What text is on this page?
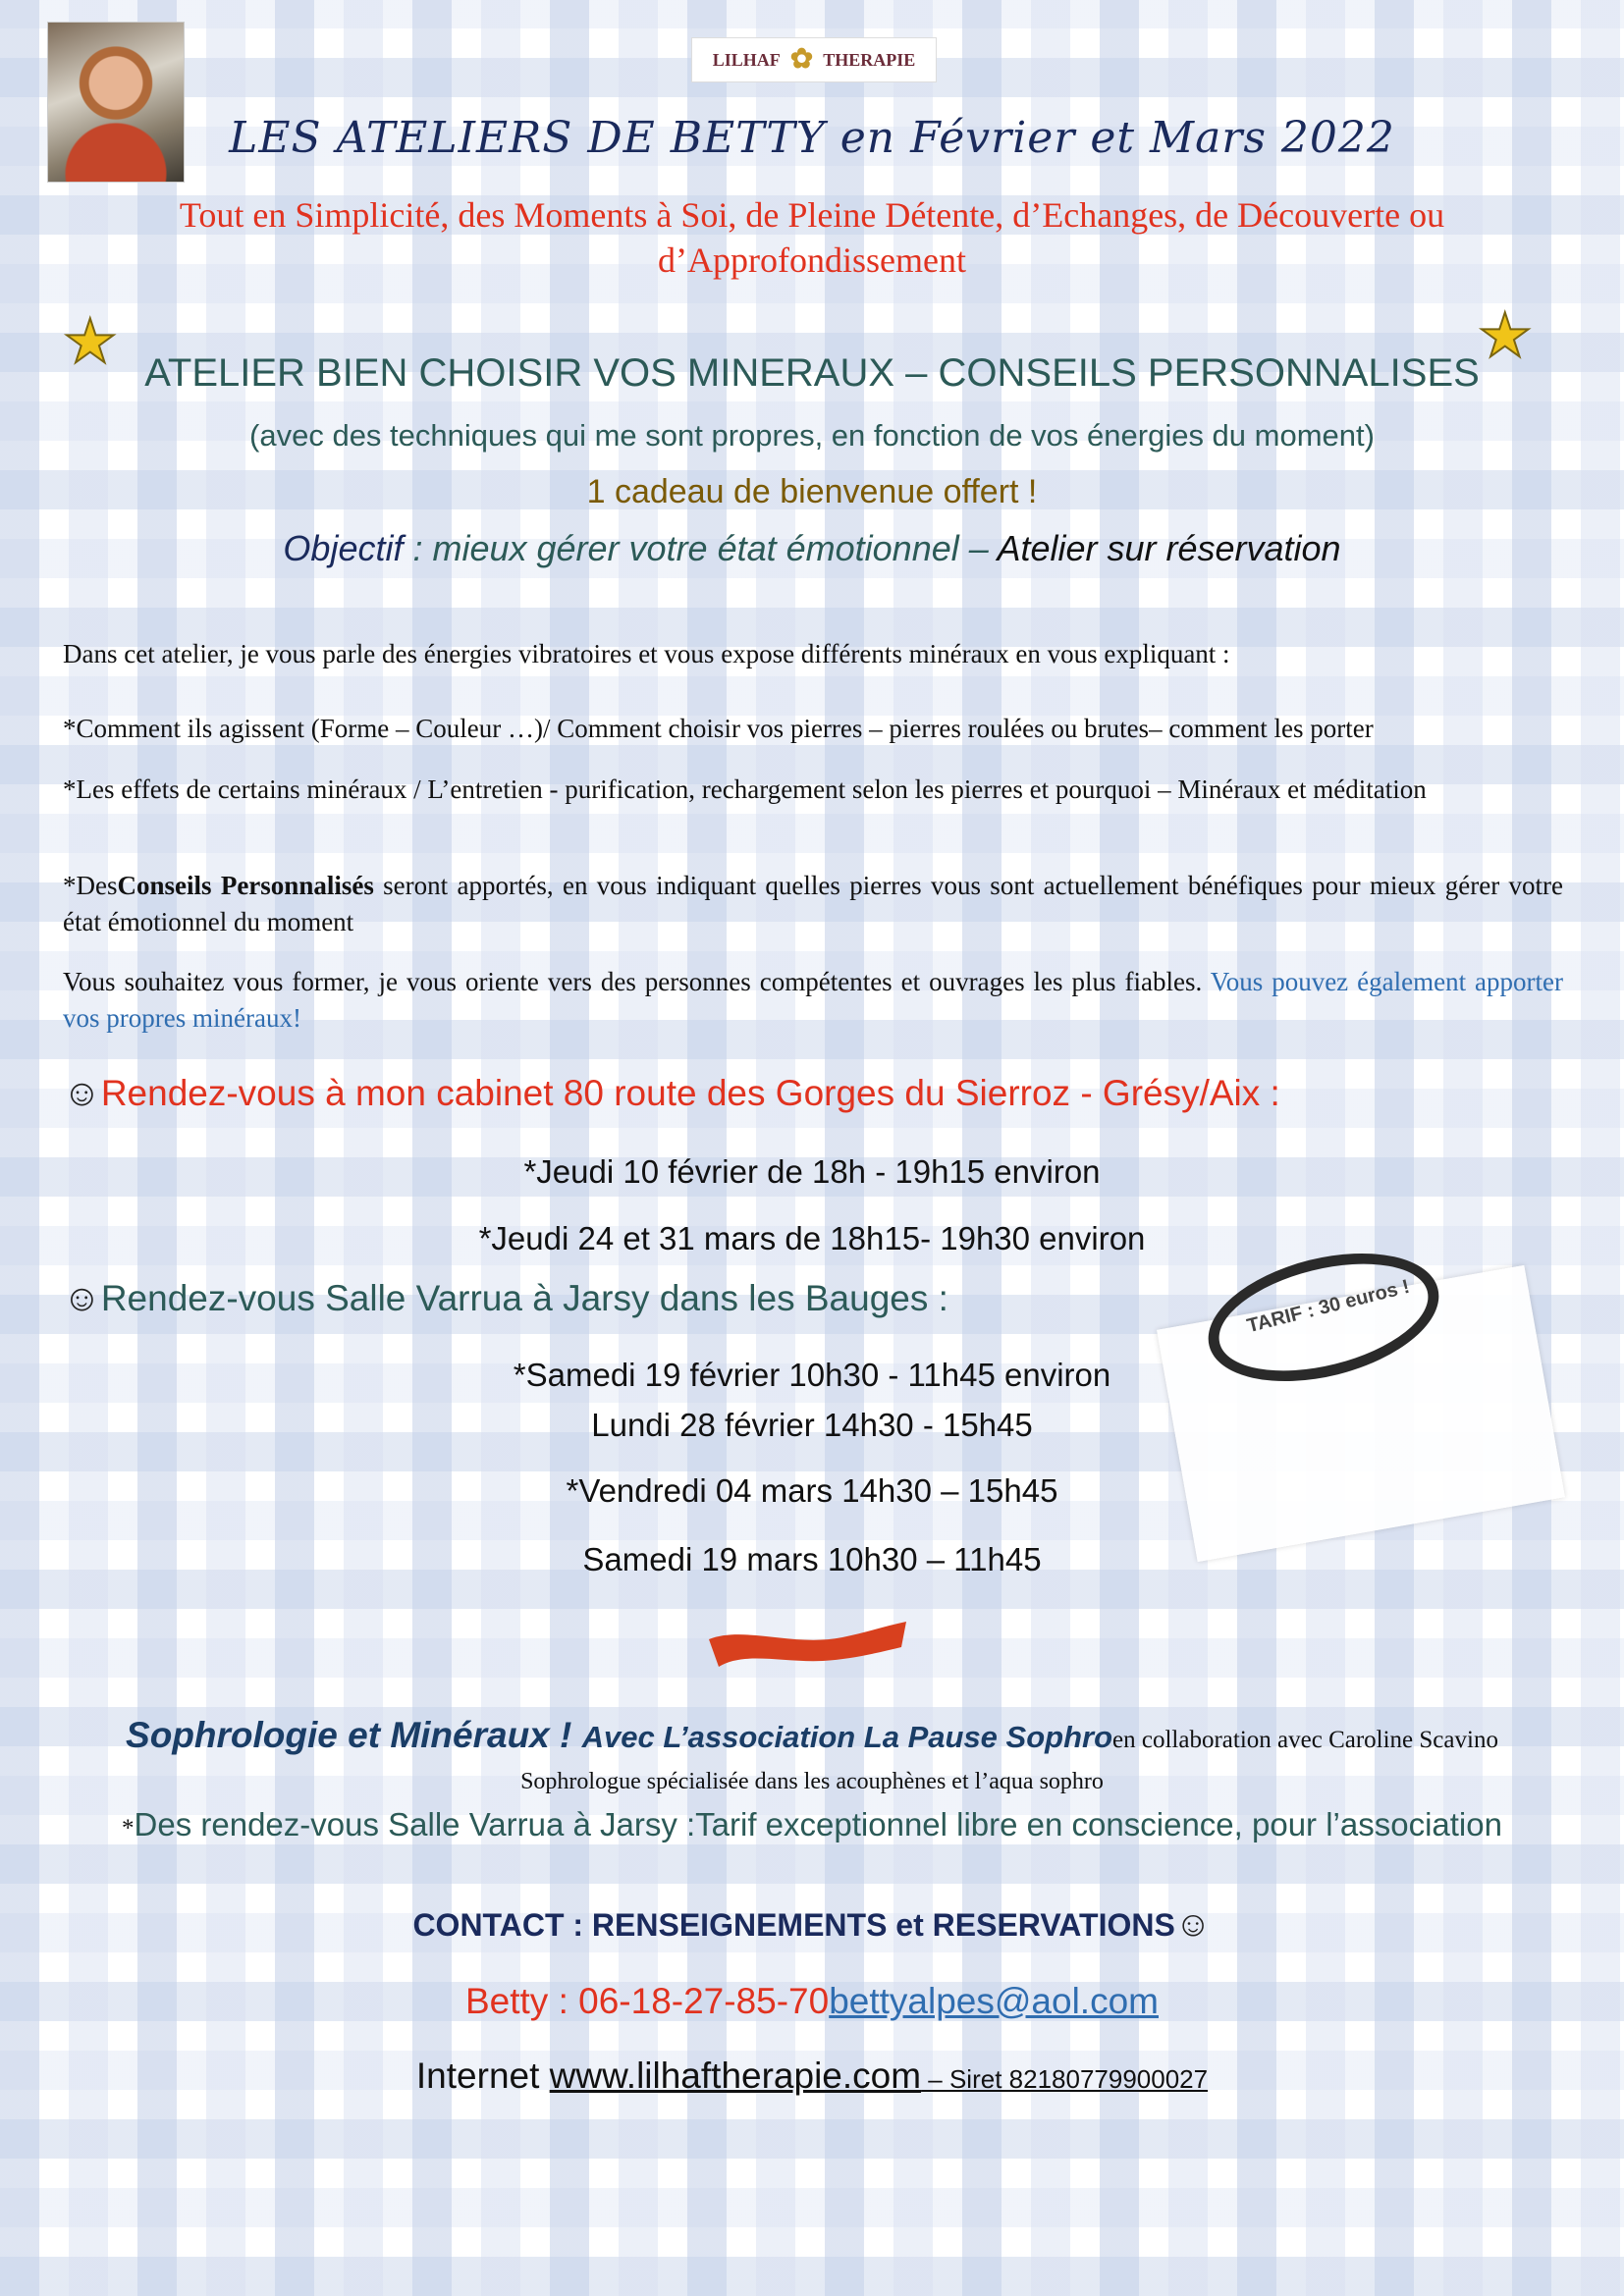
LILHAF ✿ THERAPIE
LES ATELIERS DE BETTY en Février et Mars 2022
Tout en Simplicité, des Moments à Soi, de Pleine Détente, d’Echanges, de Découverte ou d’Approfondissement
★	★
ATELIER BIEN CHOISIR VOS MINERAUX – CONSEILS PERSONNALISES
(avec des techniques qui me sont propres, en fonction de vos énergies du moment)
1 cadeau de bienvenue offert !
Objectif : mieux gérer votre état émotionnel – Atelier sur réservation
Dans cet atelier, je vous parle des énergies vibratoires et vous expose différents minéraux en vous expliquant :
*Comment ils agissent (Forme – Couleur …)/ Comment choisir vos pierres – pierres roulées ou brutes– comment les porter
*Les effets de certains minéraux / L’entretien - purification, rechargement selon les pierres et pourquoi – Minéraux et méditation
*DesConseils Personnalisés seront apportés, en vous indiquant quelles pierres vous sont actuellement bénéfiques pour mieux gérer votre état émotionnel du moment
Vous souhaitez vous former, je vous oriente vers des personnes compétentes et ouvrages les plus fiables. Vous pouvez également apporter vos propres minéraux!
☺Rendez-vous à mon cabinet 80 route des Gorges du Sierroz - Grésy/Aix :
*Jeudi 10 février de 18h - 19h15 environ
*Jeudi 24 et 31 mars de 18h15- 19h30 environ
☺Rendez-vous Salle Varrua à Jarsy dans les Bauges :	TARIF : 30 euros !
*Samedi 19 février 10h30 - 11h45 environ
Lundi 28 février 14h30 - 15h45
*Vendredi 04 mars 14h30 – 15h45
Samedi 19 mars 10h30 – 11h45
Sophrologie et Minéraux ! Avec L’association La Pause Sophroen collaboration avec Caroline Scavino
Sophrologue spécialisée dans les acouphènes et l’aqua sophro
*Des rendez-vous Salle Varrua à Jarsy :Tarif exceptionnel libre en conscience, pour l’association
CONTACT : RENSEIGNEMENTS et RESERVATIONS☺
Betty : 06-18-27-85-70bettyalpes@aol.com
Internet www.lilhaftherapie.com – Siret 82180779900027
